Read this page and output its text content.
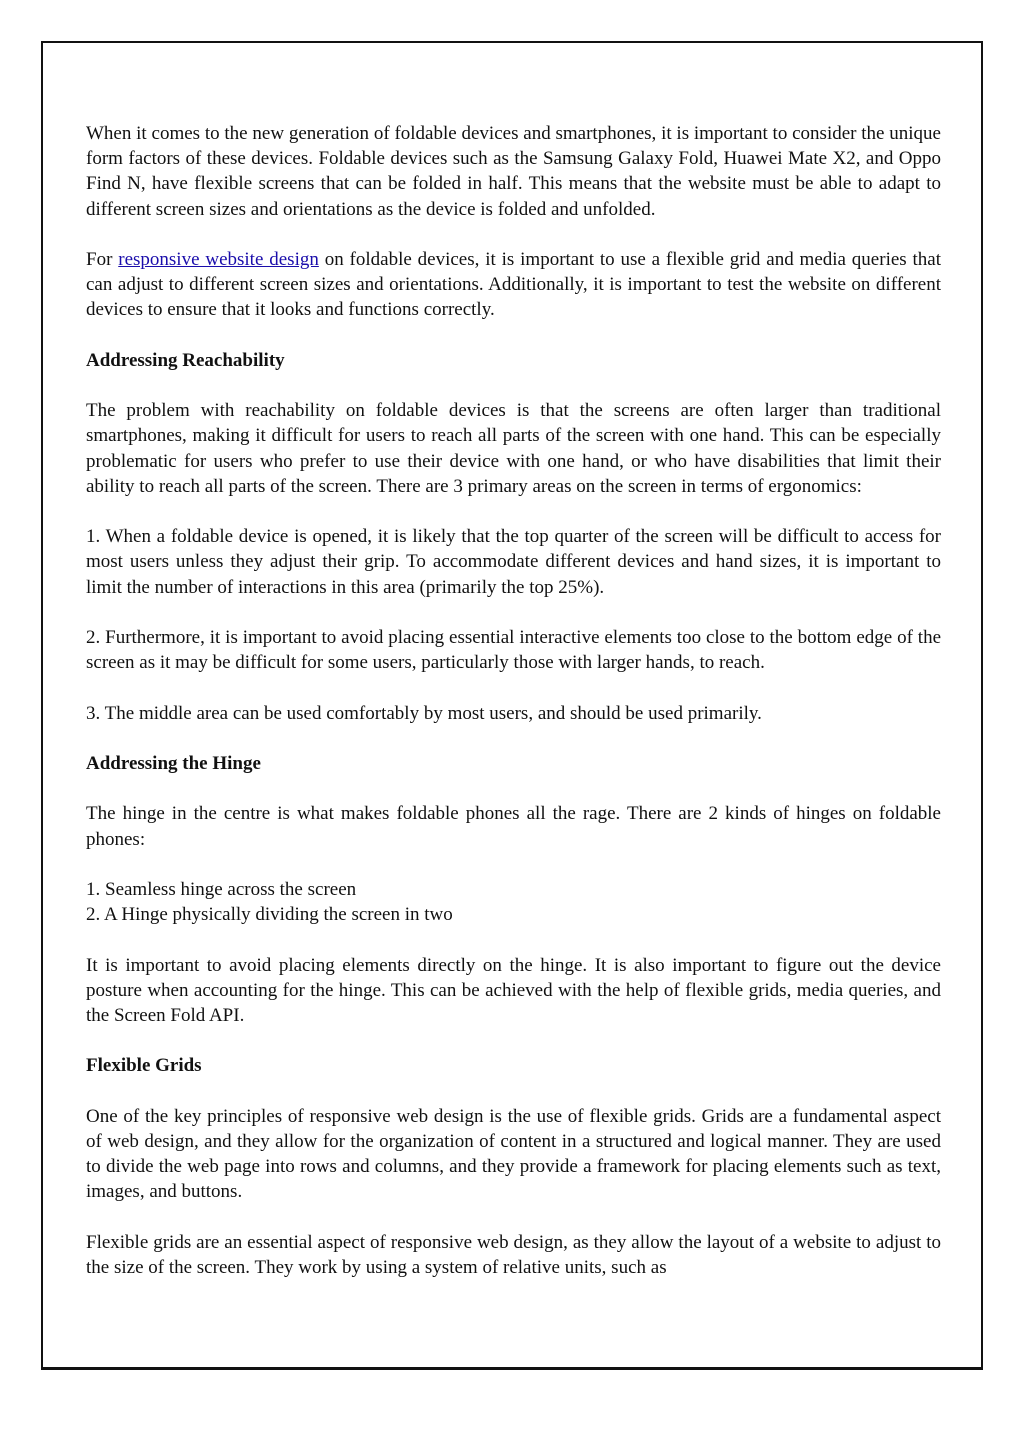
When it comes to the new generation of foldable devices and smartphones, it is important to consider the unique form factors of these devices. Foldable devices such as the Samsung Galaxy Fold, Huawei Mate X2, and Oppo Find N, have flexible screens that can be folded in half. This means that the website must be able to adapt to different screen sizes and orientations as the device is folded and unfolded.

For responsive website design on foldable devices, it is important to use a flexible grid and media queries that can adjust to different screen sizes and orientations. Additionally, it is important to test the website on different devices to ensure that it looks and functions correctly.

Addressing Reachability

The problem with reachability on foldable devices is that the screens are often larger than traditional smartphones, making it difficult for users to reach all parts of the screen with one hand. This can be especially problematic for users who prefer to use their device with one hand, or who have disabilities that limit their ability to reach all parts of the screen. There are 3 primary areas on the screen in terms of ergonomics:

1. When a foldable device is opened, it is likely that the top quarter of the screen will be difficult to access for most users unless they adjust their grip. To accommodate different devices and hand sizes, it is important to limit the number of interactions in this area (primarily the top 25%).

2. Furthermore, it is important to avoid placing essential interactive elements too close to the bottom edge of the screen as it may be difficult for some users, particularly those with larger hands, to reach.

3. The middle area can be used comfortably by most users, and should be used primarily.

Addressing the Hinge

The hinge in the centre is what makes foldable phones all the rage. There are 2 kinds of hinges on foldable phones:

1. Seamless hinge across the screen

2. A Hinge physically dividing the screen in two

It is important to avoid placing elements directly on the hinge. It is also important to figure out the device posture when accounting for the hinge. This can be achieved with the help of flexible grids, media queries, and the Screen Fold API.

Flexible Grids

One of the key principles of responsive web design is the use of flexible grids. Grids are a fundamental aspect of web design, and they allow for the organization of content in a structured and logical manner. They are used to divide the web page into rows and columns, and they provide a framework for placing elements such as text, images, and buttons.

Flexible grids are an essential aspect of responsive web design, as they allow the layout of a website to adjust to the size of the screen. They work by using a system of relative units, such as
